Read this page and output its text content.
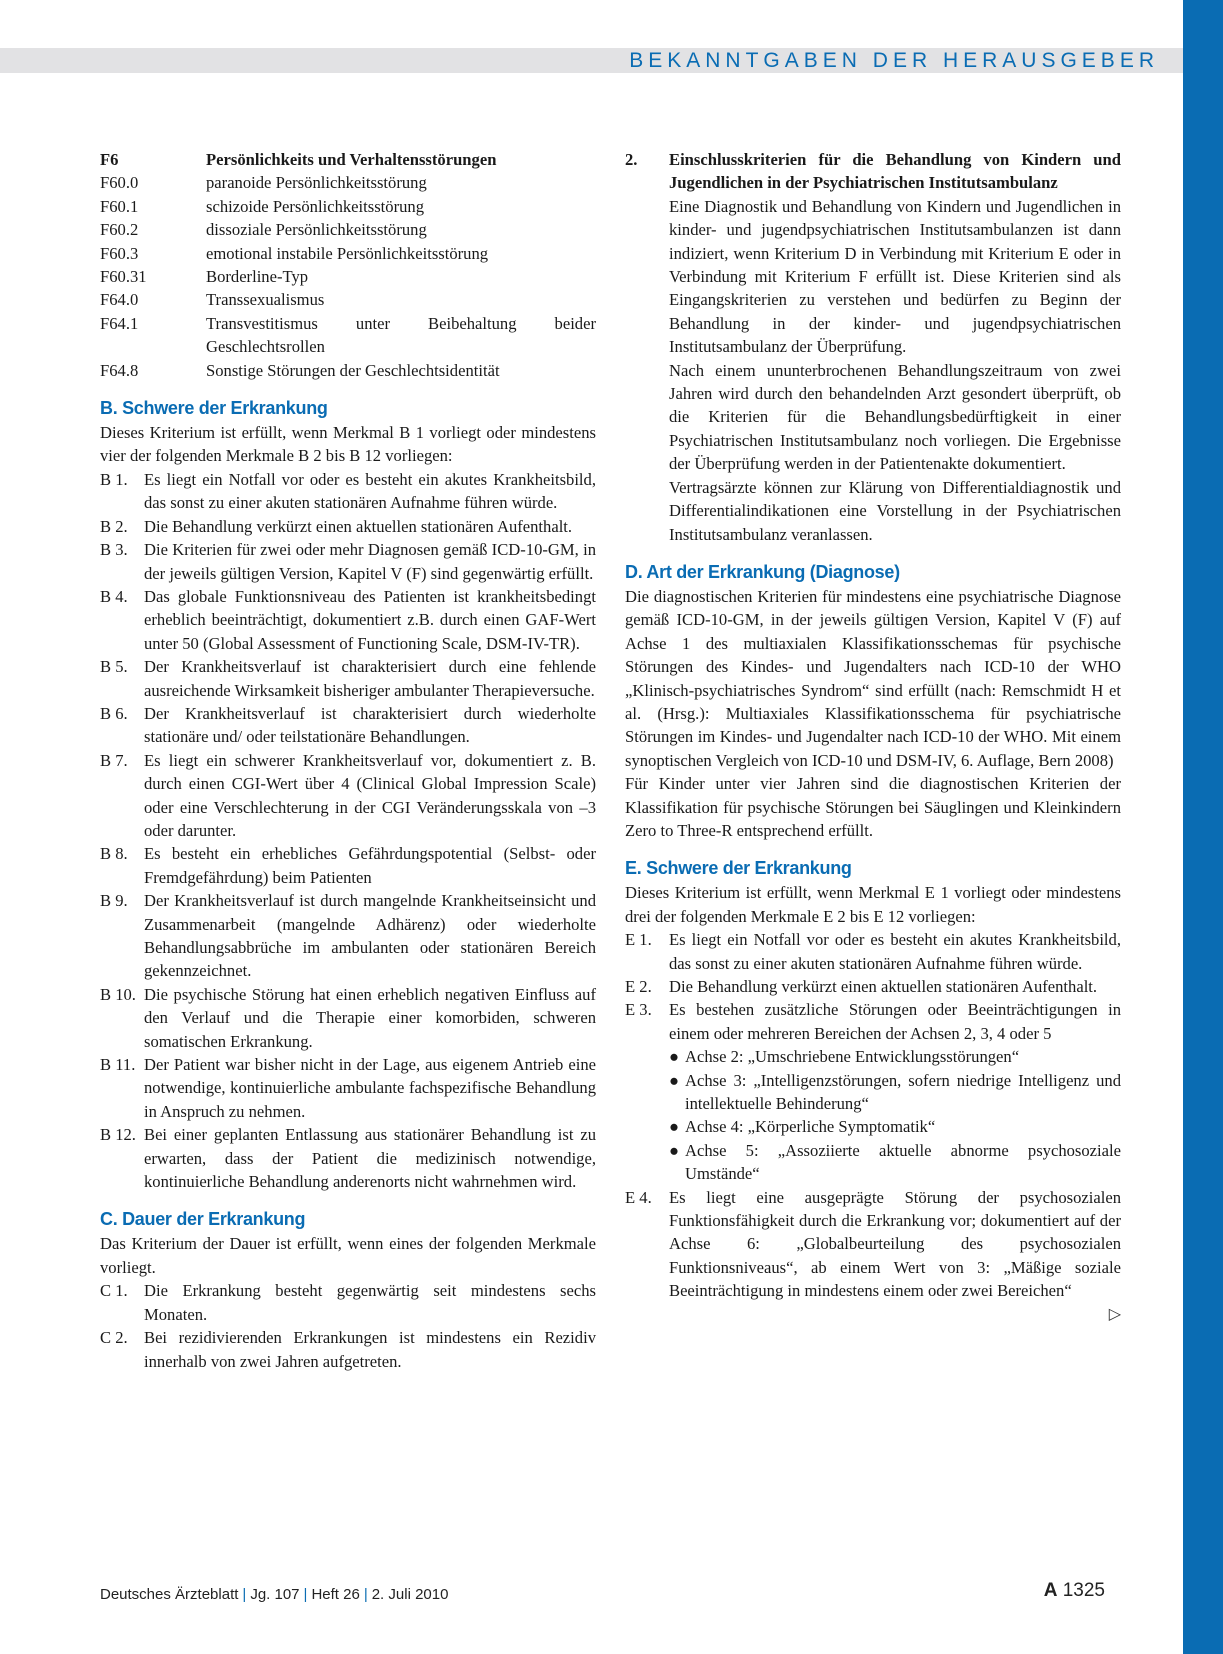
BEKANNTGABEN DER HERAUSGEBER
F6	Persönlichkeits und Verhaltensstörungen
F60.0	paranoide Persönlichkeitsstörung
F60.1	schizoide Persönlichkeitsstörung
F60.2	dissoziale Persönlichkeitsstörung
F60.3	emotional instabile Persönlichkeitsstörung
F60.31	Borderline-Typ
F64.0	Transsexualismus
F64.1	Transvestitismus unter Beibehaltung beider Geschlechtsrollen
F64.8	Sonstige Störungen der Geschlechtsidentität
B. Schwere der Erkrankung

Dieses Kriterium ist erfüllt, wenn Merkmal B 1 vorliegt oder mindestens vier der folgenden Merkmale B 2 bis B 12 vorliegen:

B 1. Es liegt ein Notfall vor oder es besteht ein akutes Krankheitsbild, das sonst zu einer akuten stationären Aufnahme führen würde.
B 2. Die Behandlung verkürzt einen aktuellen stationären Aufenthalt.
B 3. Die Kriterien für zwei oder mehr Diagnosen gemäß ICD-10-GM, in der jeweils gültigen Version, Kapitel V (F) sind gegenwärtig erfüllt.
B 4. Das globale Funktionsniveau des Patienten ist krankheitsbedingt erheblich beeinträchtigt, dokumentiert z.B. durch einen GAF-Wert unter 50 (Global Assessment of Functioning Scale, DSM-IV-TR).
B 5. Der Krankheitsverlauf ist charakterisiert durch eine fehlende ausreichende Wirksamkeit bisheriger ambulanter Therapieversuche.
B 6. Der Krankheitsverlauf ist charakterisiert durch wiederholte stationäre und/ oder teilstationäre Behandlungen.
B 7. Es liegt ein schwerer Krankheitsverlauf vor, dokumentiert z. B. durch einen CGI-Wert über 4 (Clinical Global Impression Scale) oder eine Verschlechterung in der CGI Veränderungsskala von –3 oder darunter.
B 8. Es besteht ein erhebliches Gefährdungspotential (Selbst- oder Fremdgefährdung) beim Patienten
B 9. Der Krankheitsverlauf ist durch mangelnde Krankheitseinsicht und Zusammenarbeit (mangelnde Adhärenz) oder wiederholte Behandlungsabbrüche im ambulanten oder stationären Bereich gekennzeichnet.
B 10. Die psychische Störung hat einen erheblich negativen Einfluss auf den Verlauf und die Therapie einer komorbiden, schweren somatischen Erkrankung.
B 11. Der Patient war bisher nicht in der Lage, aus eigenem Antrieb eine notwendige, kontinuierliche ambulante fachspezifische Behandlung in Anspruch zu nehmen.
B 12. Bei einer geplanten Entlassung aus stationärer Behandlung ist zu erwarten, dass der Patient die medizinisch notwendige, kontinuierliche Behandlung anderenorts nicht wahrnehmen wird.
C. Dauer der Erkrankung

Das Kriterium der Dauer ist erfüllt, wenn eines der folgenden Merkmale vorliegt.

C 1. Die Erkrankung besteht gegenwärtig seit mindestens sechs Monaten.
C 2. Bei rezidivierenden Erkrankungen ist mindestens ein Rezidiv innerhalb von zwei Jahren aufgetreten.
2.	Einschlusskriterien für die Behandlung von Kindern und Jugendlichen in der Psychiatrischen Institutsambulanz

Eine Diagnostik und Behandlung von Kindern und Jugendlichen in kinder- und jugendpsychiatrischen Institutsambulanzen ist dann indiziert, wenn Kriterium D in Verbindung mit Kriterium E oder in Verbindung mit Kriterium F erfüllt ist. Diese Kriterien sind als Eingangskriterien zu verstehen und bedürfen zu Beginn der Behandlung in der kinder- und jugendpsychiatrischen Institutsambulanz der Überprüfung.

Nach einem ununterbrochenen Behandlungszeitraum von zwei Jahren wird durch den behandelnden Arzt gesondert überprüft, ob die Kriterien für die Behandlungsbedürftigkeit in einer Psychiatrischen Institutsambulanz noch vorliegen. Die Ergebnisse der Überprüfung werden in der Patientenakte dokumentiert.

Vertragsärzte können zur Klärung von Differentialdiagnostik und Differentialindikationen eine Vorstellung in der Psychiatrischen Institutsambulanz veranlassen.

D. Art der Erkrankung (Diagnose)

Die diagnostischen Kriterien für mindestens eine psychiatrische Diagnose gemäß ICD-10-GM, in der jeweils gültigen Version, Kapitel V (F) auf Achse 1 des multiaxialen Klassifikationsschemas für psychische Störungen des Kindes- und Jugendalters nach ICD-10 der WHO „Klinisch-psychiatrisches Syndrom“ sind erfüllt (nach: Remschmidt H et al. (Hrsg.): Multiaxiales Klassifikationsschema für psychiatrische Störungen im Kindes- und Jugendalter nach ICD-10 der WHO. Mit einem synoptischen Vergleich von ICD-10 und DSM-IV, 6. Auflage, Bern 2008)

Für Kinder unter vier Jahren sind die diagnostischen Kriterien der Klassifikation für psychische Störungen bei Säuglingen und Kleinkindern Zero to Three-R entsprechend erfüllt.

E. Schwere der Erkrankung

Dieses Kriterium ist erfüllt, wenn Merkmal E 1 vorliegt oder mindestens drei der folgenden Merkmale E 2 bis E 12 vorliegen:

E 1.	Es liegt ein Notfall vor oder es besteht ein akutes Krankheitsbild, das sonst zu einer akuten stationären Aufnahme führen würde.
E 2.	Die Behandlung verkürzt einen aktuellen stationären Aufenthalt.
E 3.	Es bestehen zusätzliche Störungen oder Beeinträchtigungen in einem oder mehreren Bereichen der Achsen 2, 3, 4 oder 5
● Achse 2: „Umschriebene Entwicklungsstörungen“
● Achse 3: „Intelligenzstörungen, sofern niedrige Intelligenz und intellektuelle Behinderung“
● Achse 4: „Körperliche Symptomatik“
● Achse 5: „Assoziierte aktuelle abnorme psychosoziale Umstände“
E 4.	Es liegt eine ausgeprägte Störung der psychosozialen Funktionsfähigkeit durch die Erkrankung vor; dokumentiert auf der Achse 6: „Globalbeurteilung des psychosozialen Funktionsniveaus“, ab einem Wert von 3: „Mäßige soziale Beeinträchtigung in mindestens einem oder zwei Bereichen“
▷
Deutsches Ärzteblatt | Jg. 107 | Heft 26 | 2. Juli 2010	A 1325
